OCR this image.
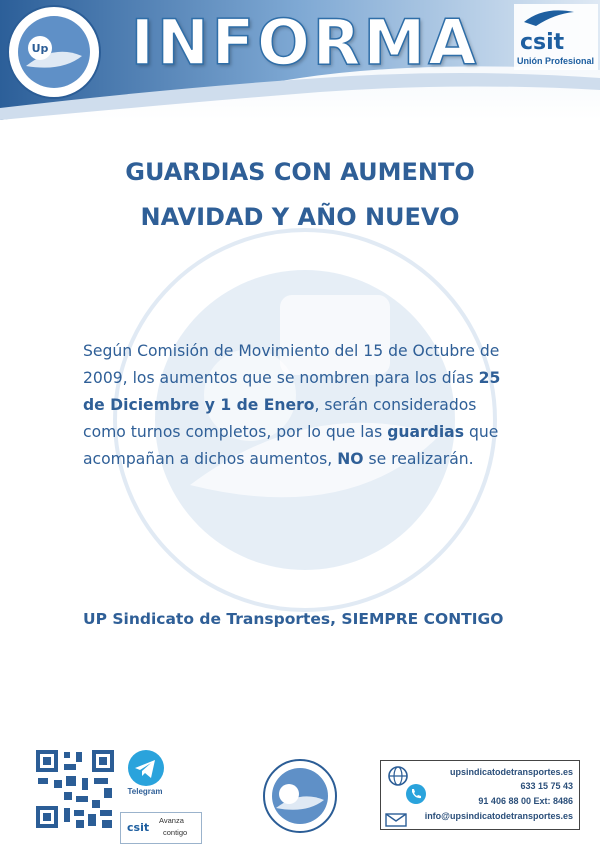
Up INFORMA csit
Unión Profesional
GUARDIAS CON AUMENTO
NAVIDAD Y AÑO NUEVO
Según Comisión de Movimiento del 15 de Octubre de 2009, los aumentos que se nombren para los días 25 de Diciembre y 1 de Enero, serán considerados como turnos completos, por lo que las guardias que acompañan a dichos aumentos, NO se realizarán.
UP Sindicato de Transportes, SIEMPRE CONTIGO
Telegram
csit
Avanza
contigo
upsindicatodetransportes.es
633 15 75 43
91 406 88 00 Ext: 8486
info@upsindicatodetransportes.es
